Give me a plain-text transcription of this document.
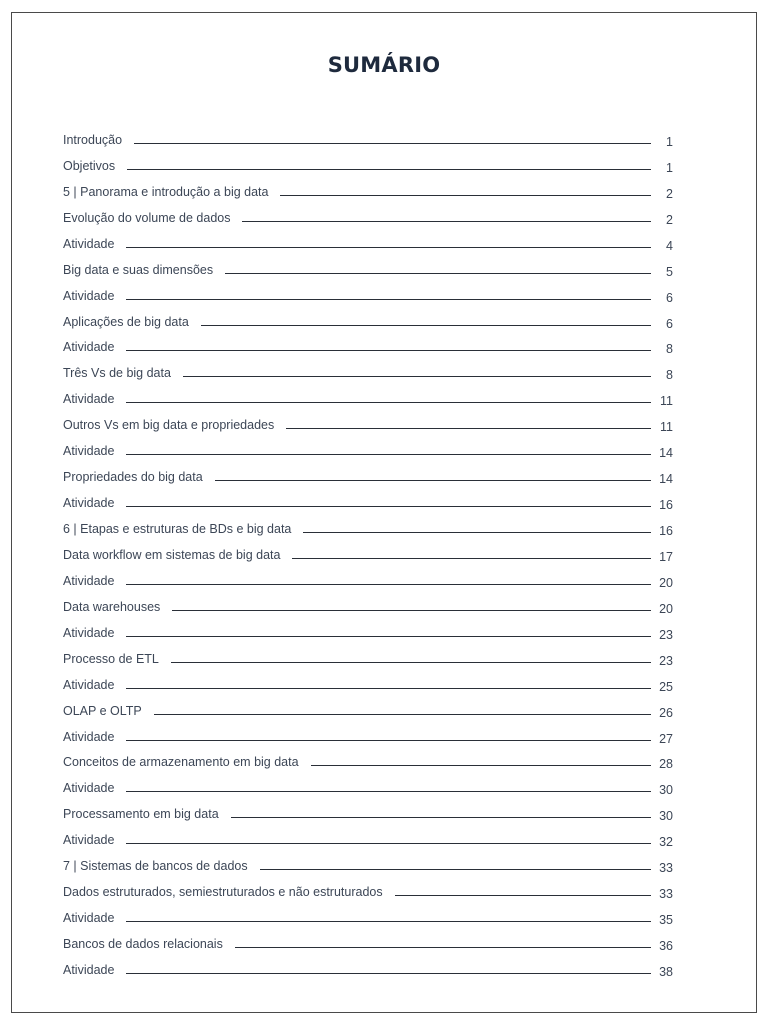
SUMÁRIO
Introdução	1
Objetivos	1
5 | Panorama e introdução a big data	2
Evolução do volume de dados	2
Atividade	4
Big data e suas dimensões	5
Atividade	6
Aplicações de big data	6
Atividade	8
Três Vs de big data	8
Atividade	11
Outros Vs em big data e propriedades	11
Atividade	14
Propriedades do big data	14
Atividade	16
6 | Etapas e estruturas de BDs e big data	16
Data workflow em sistemas de big data	17
Atividade	20
Data warehouses	20
Atividade	23
Processo de ETL	23
Atividade	25
OLAP e OLTP	26
Atividade	27
Conceitos de armazenamento em big data	28
Atividade	30
Processamento em big data	30
Atividade	32
7 | Sistemas de bancos de dados	33
Dados estruturados, semiestruturados e não estruturados	33
Atividade	35
Bancos de dados relacionais	36
Atividade	38
